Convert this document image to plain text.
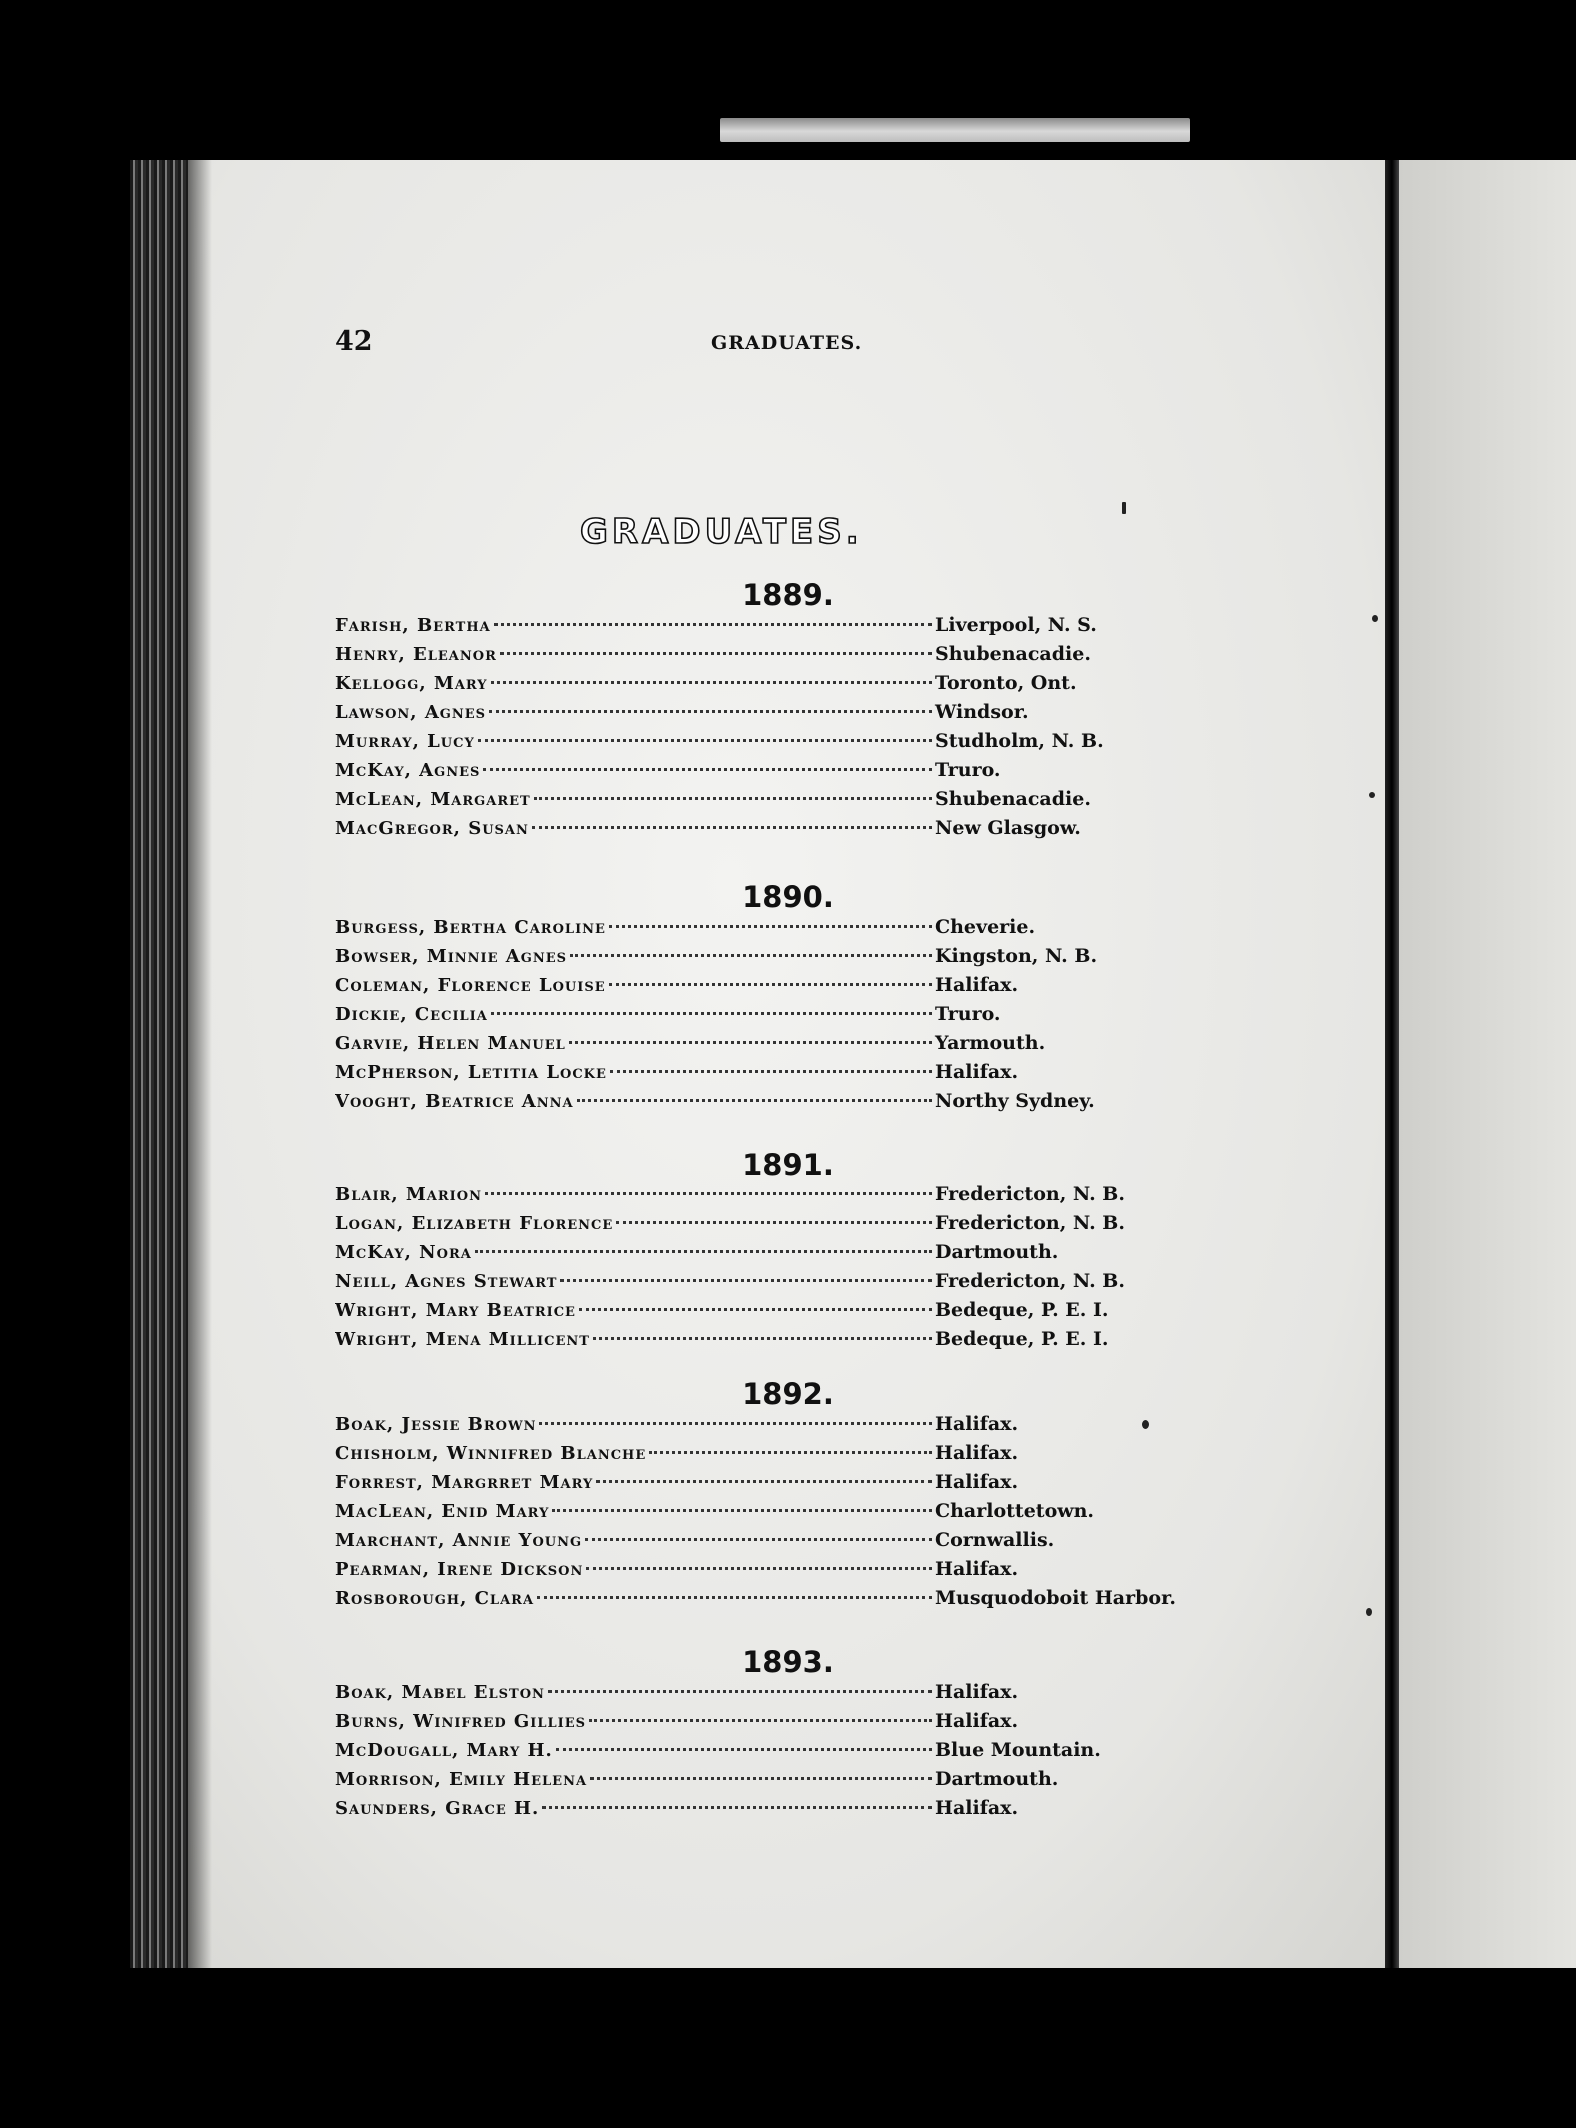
42	GRADUATES.
GRADUATES.
1889.
Farish, Bertha	Liverpool, N. S.
Henry, Eleanor	Shubenacadie.
Kellogg, Mary	Toronto, Ont.
Lawson, Agnes	Windsor.
Murray, Lucy	Studholm, N. B.
McKay, Agnes	Truro.
McLean, Margaret	Shubenacadie.
MacGregor, Susan	New Glasgow.
1890.
Burgess, Bertha Caroline	Cheverie.
Bowser, Minnie Agnes	Kingston, N. B.
Coleman, Florence Louise	Halifax.
Dickie, Cecilia	Truro.
Garvie, Helen Manuel	Yarmouth.
McPherson, Letitia Locke	Halifax.
Vooght, Beatrice Anna	Northy Sydney.
1891.
Blair, Marion	Fredericton, N. B.
Logan, Elizabeth Florence	Fredericton, N. B.
McKay, Nora	Dartmouth.
Neill, Agnes Stewart	Fredericton, N. B.
Wright, Mary Beatrice	Bedeque, P. E. I.
Wright, Mena Millicent	Bedeque, P. E. I.
1892.
Boak, Jessie Brown	Halifax.
Chisholm, Winnifred Blanche	Halifax.
Forrest, Margrret Mary	Halifax.
MacLean, Enid Mary	Charlottetown.
Marchant, Annie Young	Cornwallis.
Pearman, Irene Dickson	Halifax.
Rosborough, Clara	Musquodoboit Harbor.
1893.
Boak, Mabel Elston	Halifax.
Burns, Winifred Gillies	Halifax.
McDougall, Mary H.	Blue Mountain.
Morrison, Emily Helena	Dartmouth.
Saunders, Grace H.	Halifax.
